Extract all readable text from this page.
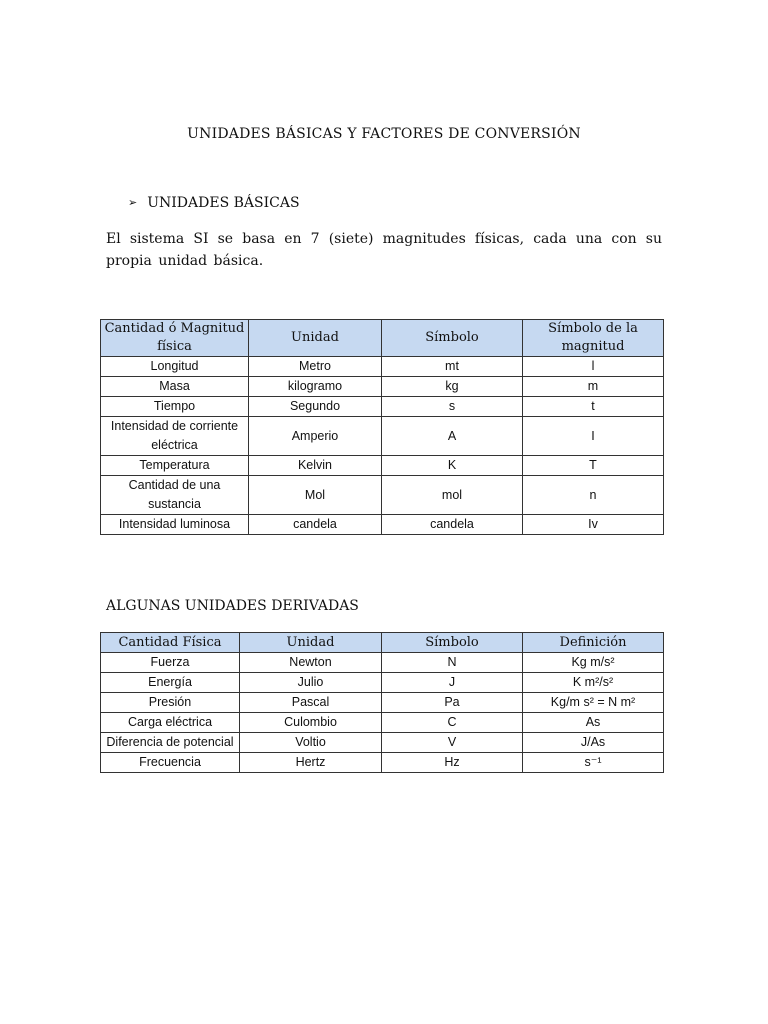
UNIDADES BÁSICAS Y FACTORES DE CONVERSIÓN
➢ UNIDADES BÁSICAS
El sistema SI se basa en 7 (siete) magnitudes físicas, cada una con su propia unidad básica.
Cantidad ó Magnitud física	Unidad	Símbolo	Símbolo de la magnitud
Longitud	Metro	mt	l
Masa	kilogramo	kg	m
Tiempo	Segundo	s	t
Intensidad de corriente eléctrica	Amperio	A	I
Temperatura	Kelvin	K	T
Cantidad de una sustancia	Mol	mol	n
Intensidad luminosa	candela	candela	Iv
ALGUNAS UNIDADES DERIVADAS
Cantidad Física	Unidad	Símbolo	Definición
Fuerza	Newton	N	Kg m/s²
Energía	Julio	J	K m²/s²
Presión	Pascal	Pa	Kg/m s² = N m²
Carga eléctrica	Culombio	C	As
Diferencia de potencial	Voltio	V	J/As
Frecuencia	Hertz	Hz	s⁻¹
